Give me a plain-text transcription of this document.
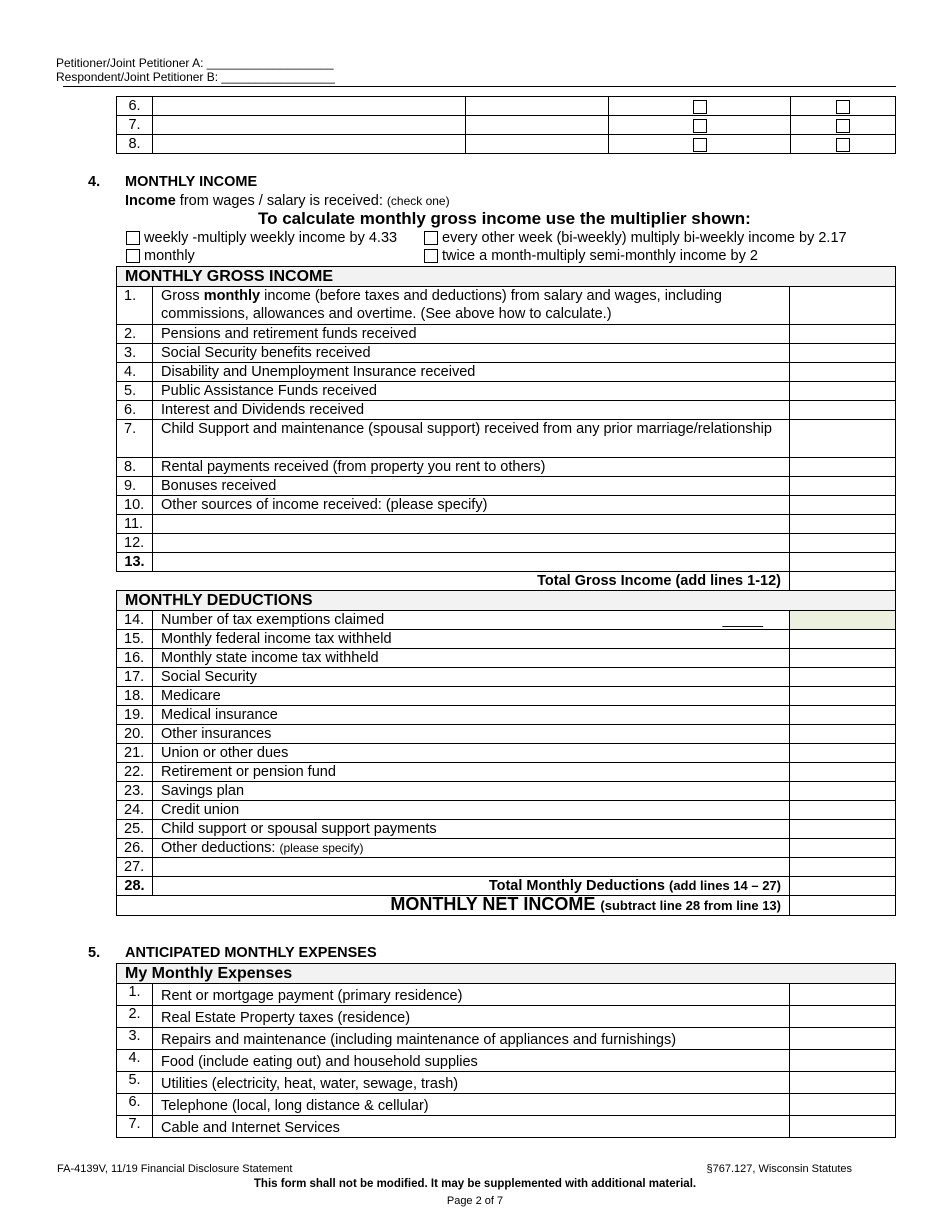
Petitioner/Joint Petitioner A: ___________________
Respondent/Joint Petitioner B: _________________
6.				
7.				
8.				
4. MONTHLY INCOME
Income from wages / salary is received: (check one)
To calculate monthly gross income use the multiplier shown:
weekly -multiply weekly income by 4.33	every other week (bi-weekly) multiply bi-weekly income by 2.17
monthly	twice a month-multiply semi-monthly income by 2
MONTHLY GROSS INCOME		
1.	Gross monthly income (before taxes and deductions) from salary and wages, including commissions, allowances and overtime. (See above how to calculate.)	
2.	Pensions and retirement funds received	
3.	Social Security benefits received	
4.	Disability and Unemployment Insurance received	
5.	Public Assistance Funds received	
6.	Interest and Dividends received	
7.	Child Support and maintenance (spousal support) received from any prior marriage/relationship	
8.	Rental payments received (from property you rent to others)	
9.	Bonuses received	
10.	Other sources of income received: (please specify)	
11.		
12.		
13.		
Total Gross Income (add lines 1-12)		
MONTHLY DEDUCTIONS		
14.	Number of tax exemptions claimed _____	

15.	Monthly federal income tax withheld	
16.	Monthly state income tax withheld	
17.	Social Security	
18.	Medicare	
19.	Medical insurance	
20.	Other insurances	
21.	Union or other dues	
22.	Retirement or pension fund	
23.	Savings plan	
24.	Credit union	
25.	Child support or spousal support payments	
26.	Other deductions: (please specify)	
27.		
28.	Total Monthly Deductions (add lines 14 – 27)	
MONTHLY NET INCOME (subtract line 28 from line 13)		
5. ANTICIPATED MONTHLY EXPENSES
My Monthly Expenses		
1.	Rent or mortgage payment (primary residence)	
2.	Real Estate Property taxes (residence)	
3.	Repairs and maintenance (including maintenance of appliances and furnishings)	
4.	Food (include eating out) and household supplies	
5.	Utilities (electricity, heat, water, sewage, trash)	
6.	Telephone (local, long distance & cellular)	
7.	Cable and Internet Services	
FA-4139V, 11/19 Financial Disclosure Statement	§767.127, Wisconsin Statutes
This form shall not be modified. It may be supplemented with additional material.
Page 2 of 7
